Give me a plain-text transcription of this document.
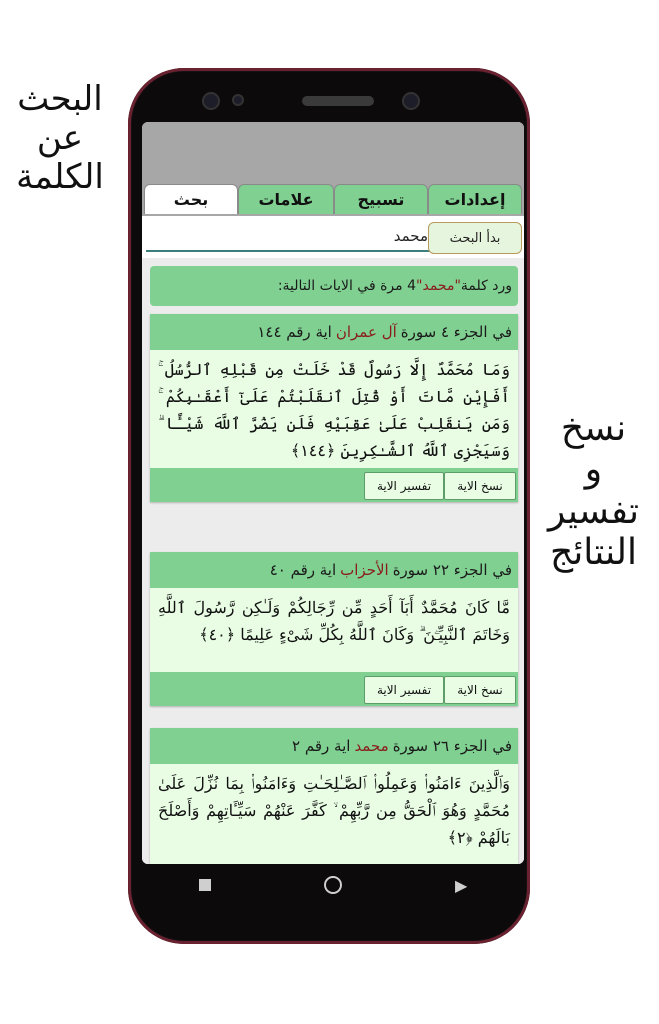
البحث
عن
الكلمة
نسخ
و
تفسير
النتائج
إعدادات
تسبيح
علامات
بحث
محمد
بدأ البحث
ورد كلمة
"محمد"
4 مرة في الايات التالية:
في الجزء ٤ سورة
آل عمران
اية رقم ١٤٤
وَمَا مُحَمَّدٌ إِلَّا رَسُولٌ قَدْ خَلَتْ مِن قَبْلِهِ ٱلرُّسُلُ ۚ أَفَإِيْن مَّاتَ أَوْ قُتِلَ ٱنقَلَبْتُمْ عَلَىٰٓ أَعْقَـٰبِكُمْ ۚ وَمَن يَنقَلِبْ عَلَىٰ عَقِبَيْهِ فَلَن يَضُرَّ ٱللَّهَ شَيْـًٔا ۗ وَسَيَجْزِى ٱللَّهُ ٱلشَّـٰكِرِينَ ﴿١٤٤﴾
نسخ الاية
تفسير الاية
في الجزء ٢٢ سورة
الأحزاب
اية رقم ٤٠
مَّا كَانَ مُحَمَّدٌ أَبَآ أَحَدٍ مِّن رِّجَالِكُمْ وَلَـٰكِن رَّسُولَ ٱللَّهِ وَخَاتَمَ ٱلنَّبِيِّـۧنَ ۗ وَكَانَ ٱللَّهُ بِكُلِّ شَىْءٍ عَلِيمًا ﴿٤٠﴾
نسخ الاية
تفسير الاية
في الجزء ٢٦ سورة
محمد
اية رقم ٢
وَٱلَّذِينَ ءَامَنُوا۟ وَعَمِلُوا۟ ٱلصَّـٰلِحَـٰتِ وَءَامَنُوا۟ بِمَا نُزِّلَ عَلَىٰ مُحَمَّدٍ وَهُوَ ٱلْحَقُّ مِن رَّبِّهِمْ ۙ كَفَّرَ عَنْهُمْ سَيِّـَٔاتِهِمْ وَأَصْلَحَ بَالَهُمْ ﴿٢﴾
▶
